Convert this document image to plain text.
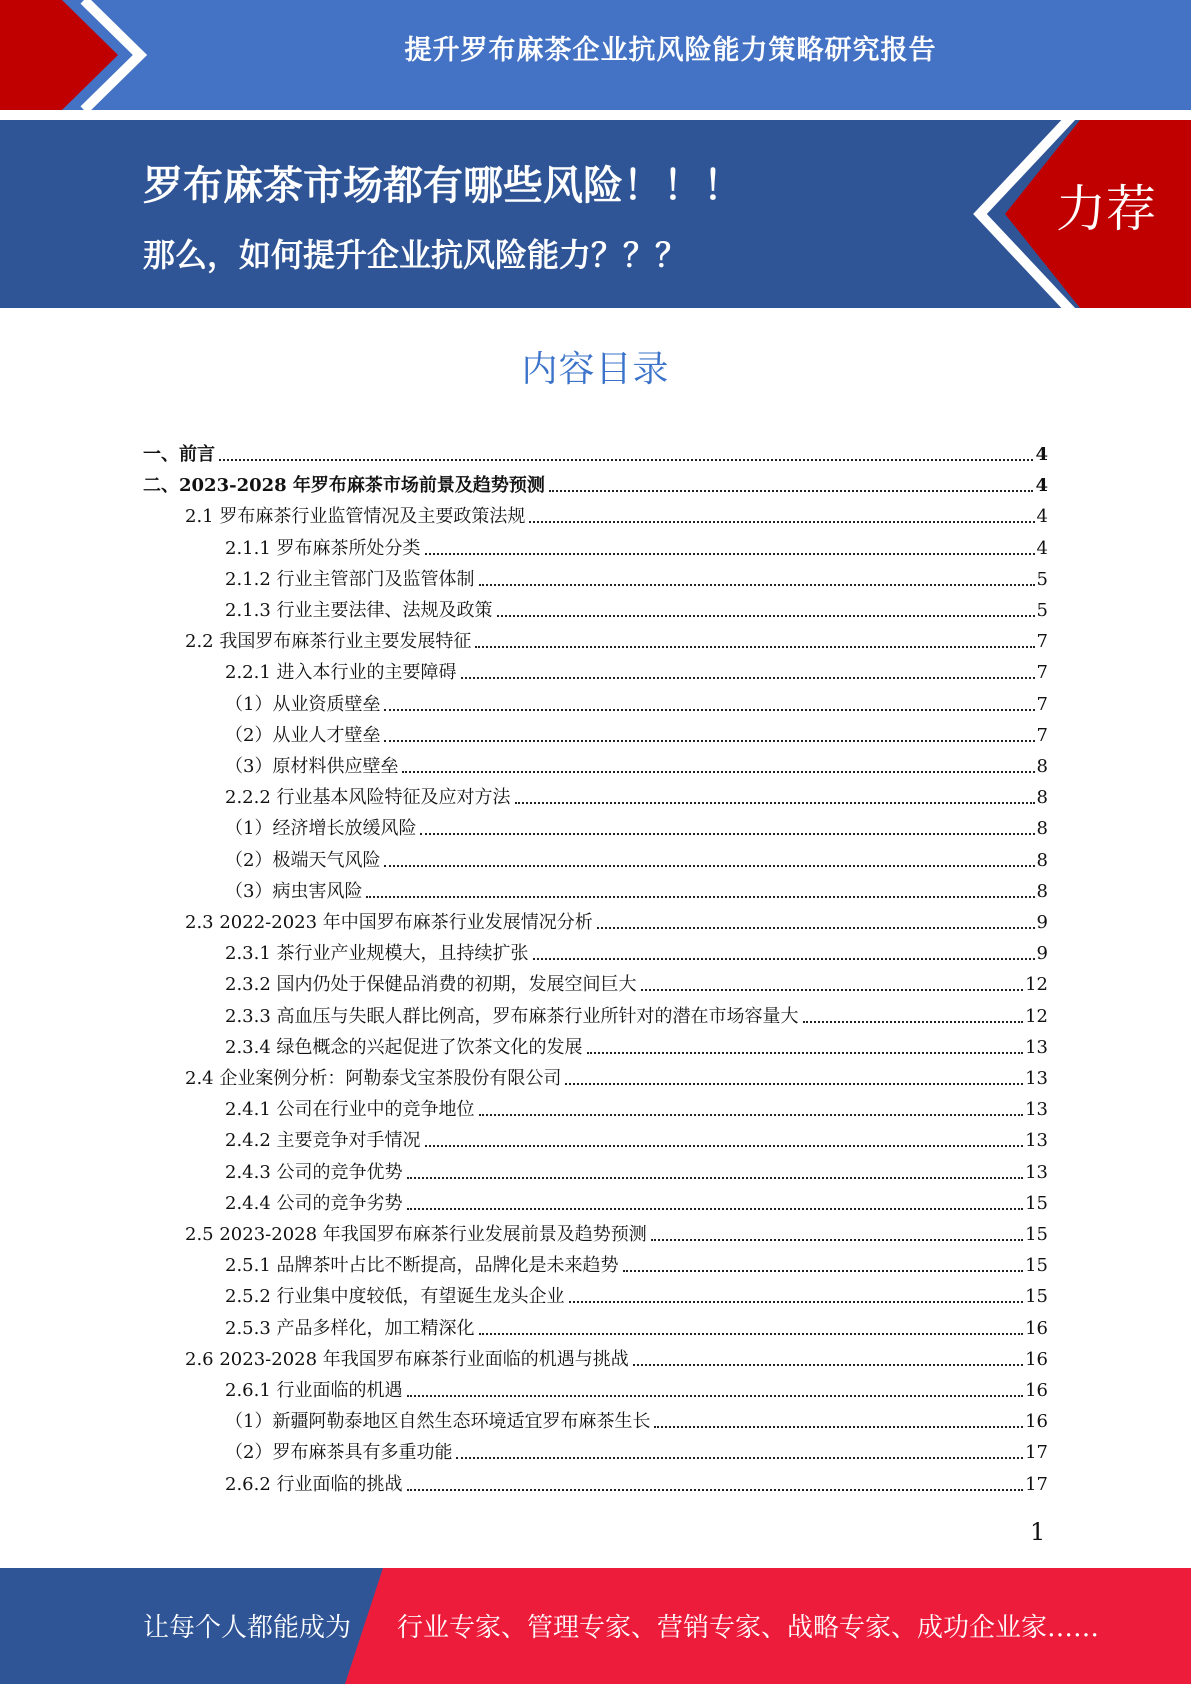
提升罗布麻茶企业抗风险能力策略研究报告
罗布麻茶市场都有哪些风险！！！
那么，如何提升企业抗风险能力？？？
力荐
内容目录
一、前言	4
二、2023-2028 年罗布麻茶市场前景及趋势预测	4
2.1 罗布麻茶行业监管情况及主要政策法规	4
2.1.1 罗布麻茶所处分类	4
2.1.2 行业主管部门及监管体制	5
2.1.3 行业主要法律、法规及政策	5
2.2 我国罗布麻茶行业主要发展特征	7
2.2.1 进入本行业的主要障碍	7
（1）从业资质壁垒	7
（2）从业人才壁垒	7
（3）原材料供应壁垒	8
2.2.2 行业基本风险特征及应对方法	8
（1）经济增长放缓风险	8
（2）极端天气风险	8
（3）病虫害风险	8
2.3 2022-2023 年中国罗布麻茶行业发展情况分析	9
2.3.1 茶行业产业规模大，且持续扩张	9
2.3.2 国内仍处于保健品消费的初期，发展空间巨大	12
2.3.3 高血压与失眠人群比例高，罗布麻茶行业所针对的潜在市场容量大	12
2.3.4 绿色概念的兴起促进了饮茶文化的发展	13
2.4 企业案例分析：阿勒泰戈宝茶股份有限公司	13
2.4.1 公司在行业中的竞争地位	13
2.4.2 主要竞争对手情况	13
2.4.3 公司的竞争优势	13
2.4.4 公司的竞争劣势	15
2.5 2023-2028 年我国罗布麻茶行业发展前景及趋势预测	15
2.5.1 品牌茶叶占比不断提高，品牌化是未来趋势	15
2.5.2 行业集中度较低，有望诞生龙头企业	15
2.5.3 产品多样化，加工精深化	16
2.6 2023-2028 年我国罗布麻茶行业面临的机遇与挑战	16
2.6.1 行业面临的机遇	16
（1）新疆阿勒泰地区自然生态环境适宜罗布麻茶生长	16
（2）罗布麻茶具有多重功能	17
2.6.2 行业面临的挑战	17
1
让每个人都能成为 行业专家、管理专家、营销专家、战略专家、成功企业家……
